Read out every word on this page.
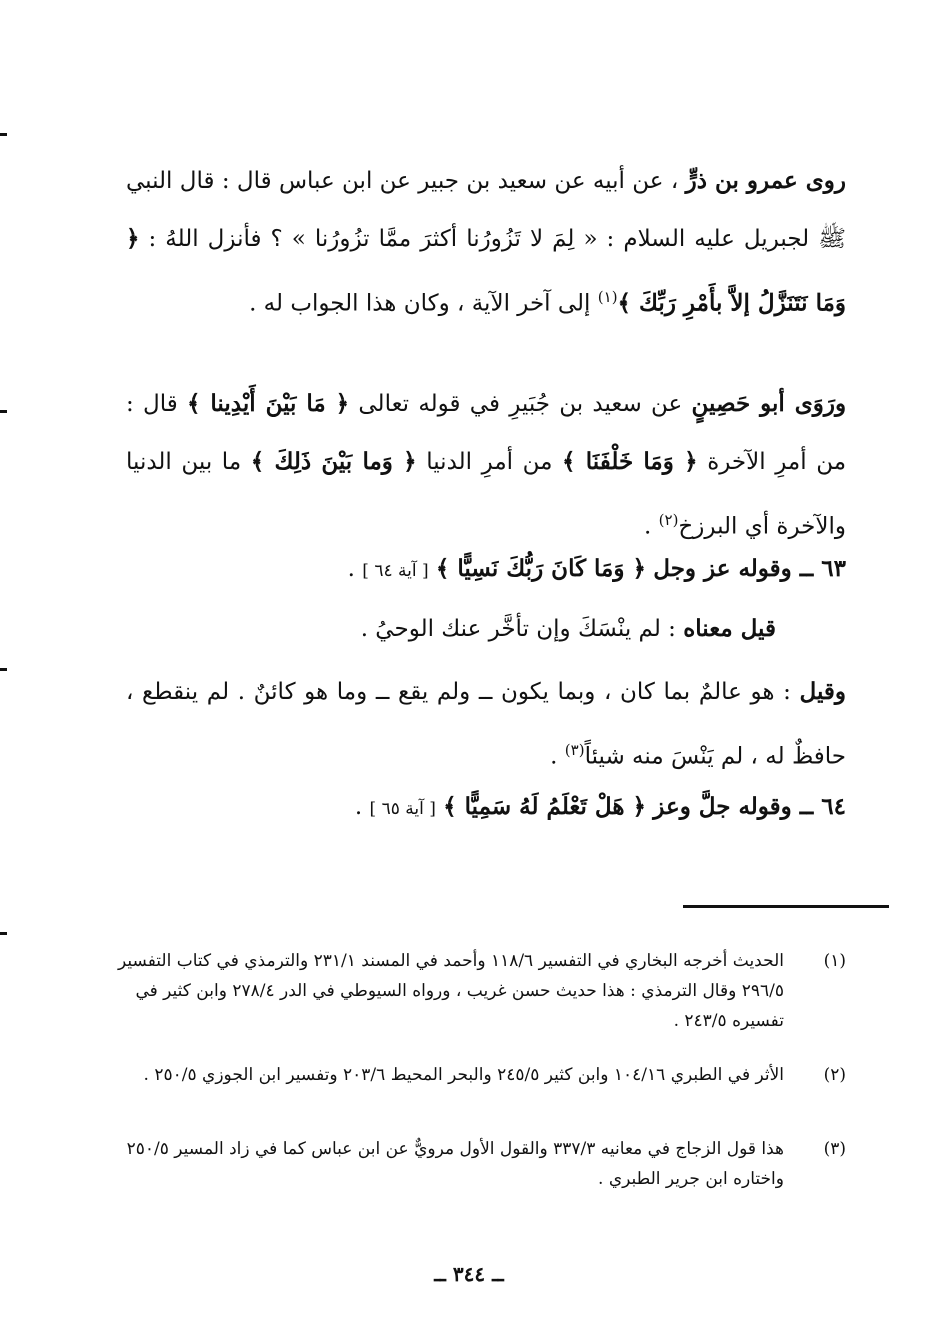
روى عمرو بن ذرٍّ ، عن أبيه عن سعيد بن جبير عن ابن عباس قال : قال النبي ﷺ لجبريل عليه السلام : « لِمَ لا تَزُورُنا أكثرَ ممَّا تزُورُنا » ؟ فأنزل اللهُ : ﴿ وَمَا نَتَنَزَّلُ إلاَّ بأَمْرِ رَبِّكَ ﴾$^{(١)}$ إلى آخر الآية ، وكان هذا الجواب له .

ورَوَى أبو حَصِينٍ عن سعيد بن جُبَيرِ في قوله تعالى ﴿ مَا بَيْنَ أَيْدِينا ﴾ قال : من أمرِ الآخرة ﴿ وَمَا خَلْفَنَا ﴾ من أمرِ الدنيا ﴿ وَما بَيْنَ ذَلِكَ ﴾ ما بين الدنيا والآخرة أي البرزخ$^{(٢)}$ .

٦٣ ــ وقوله عز وجل ﴿ وَمَا كَانَ رَبُّكَ نَسِيًّا ﴾ [ آية ٦٤ ] .

قيل معناه : لم ينْسَكَ وإن تأخَّر عنك الوحيُ .

وقيل : هو عالمٌ بما كان ، وبما يكون ــ ولم يقع ــ وما هو كائنٌ . لم ينقطع ، حافظٌ له ، لم يَنْسَ منه شيئاً$^{(٣)}$ .

٦٤ ــ وقوله جلَّ وعز ﴿ هَلْ تَعْلَمُ لَهُ سَمِيًّا ﴾ [ آية ٦٥ ] .

(١)
الحديث أخرجه البخاري في التفسير ١١٨/٦ وأحمد في المسند ٢٣١/١ والترمذي في كتاب التفسير ٢٩٦/٥ وقال الترمذي : هذا حديث حسن غريب ، ورواه السيوطي في الدر ٢٧٨/٤ وابن كثير في تفسيره ٢٤٣/٥ .
(٢)
الأثر في الطبري ١٠٤/١٦ وابن كثير ٢٤٥/٥ والبحر المحيط ٢٠٣/٦ وتفسير ابن الجوزي ٢٥٠/٥ .
(٣)
هذا قول الزجاج في معانيه ٣٣٧/٣ والقول الأول مرويٌّ عن ابن عباس كما في زاد المسير ٢٥٠/٥ واختاره ابن جرير الطبري .
ــ ٣٤٤ ــ
